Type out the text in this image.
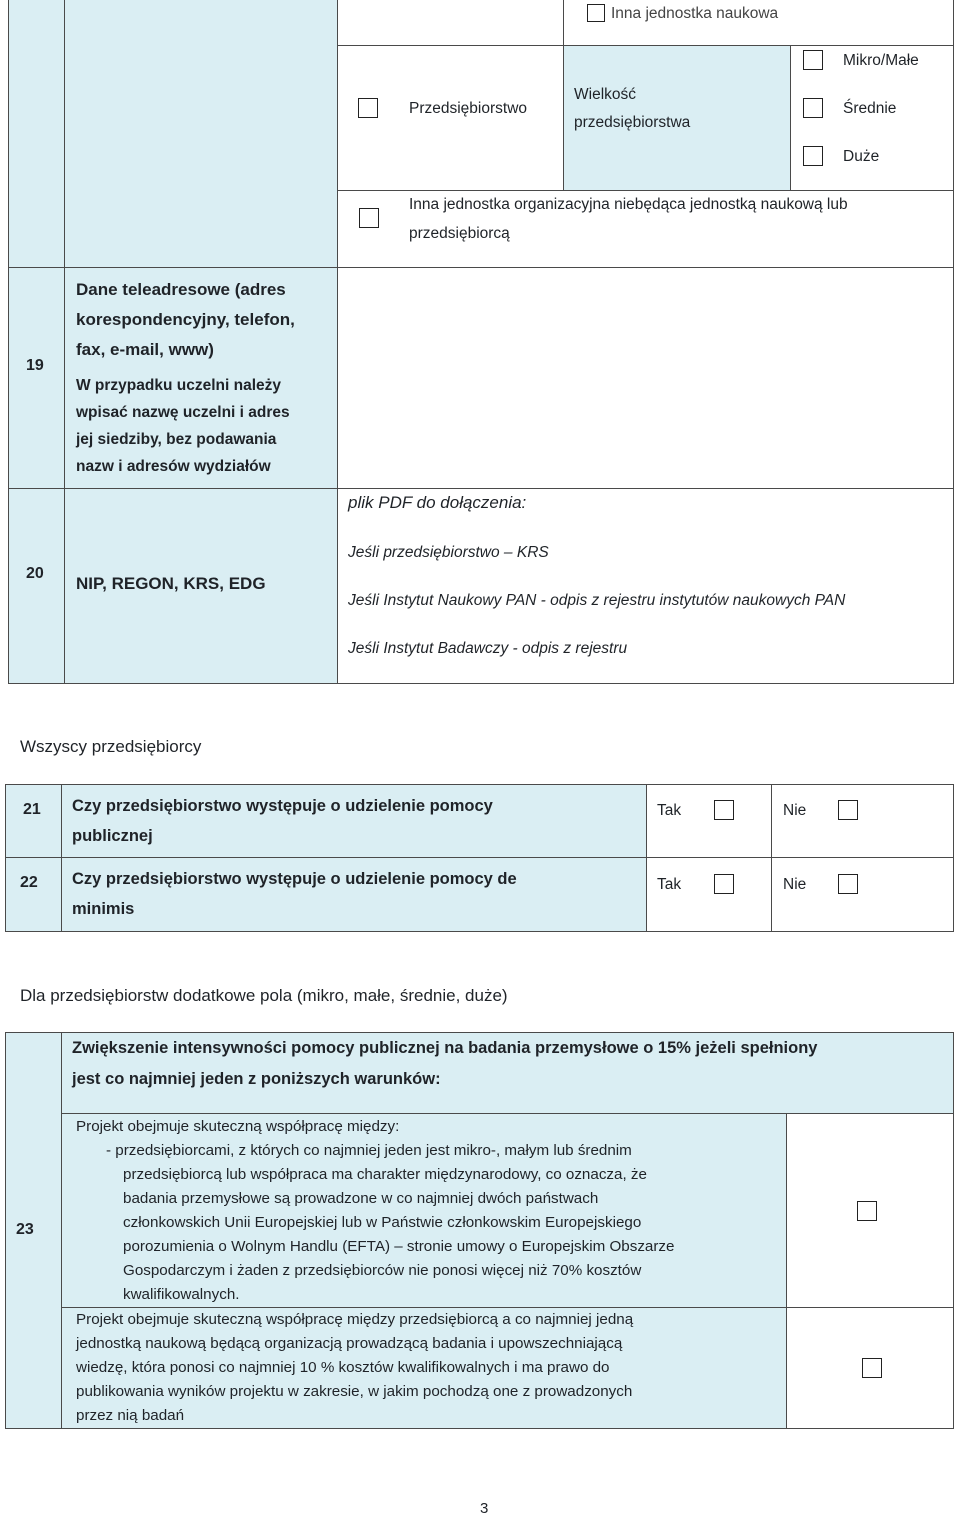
Inna jednostka naukowa
Przedsiębiorstwo
Wielkość
przedsiębiorstwa
Mikro/Małe
Średnie
Duże
Inna jednostka organizacyjna niebędąca jednostką naukową lub
przedsiębiorcą
19
Dane teleadresowe (adres
korespondencyjny, telefon,
fax, e-mail, www)
W przypadku uczelni należy
wpisać nazwę uczelni i adres
jej siedziby, bez podawania
nazw i adresów wydziałów
20
NIP, REGON, KRS, EDG
plik PDF do dołączenia:
Jeśli przedsiębiorstwo – KRS
Jeśli Instytut Naukowy PAN - odpis z rejestru instytutów naukowych PAN
Jeśli Instytut Badawczy - odpis z rejestru
Wszyscy przedsiębiorcy
21 Czy przedsiębiorstwo występuje o udzielenie pomocy
publicznej
Tak	Nie
22 Czy przedsiębiorstwo występuje o udzielenie pomocy de
minimis
Tak	Nie
Dla przedsiębiorstw dodatkowe pola (mikro, małe, średnie, duże)
23
Zwiększenie intensywności pomocy publicznej na badania przemysłowe o 15% jeżeli spełniony
jest co najmniej jeden z poniższych warunków:
Projekt obejmuje skuteczną współpracę między:
- przedsiębiorcami, z których co najmniej jeden jest mikro-, małym lub średnim
przedsiębiorcą lub współpraca ma charakter międzynarodowy, co oznacza, że
badania przemysłowe są prowadzone w co najmniej dwóch państwach
członkowskich Unii Europejskiej lub w Państwie członkowskim Europejskiego
porozumienia o Wolnym Handlu (EFTA) – stronie umowy o Europejskim Obszarze
Gospodarczym i żaden z przedsiębiorców nie ponosi więcej niż 70% kosztów
kwalifikowalnych.
Projekt obejmuje skuteczną współpracę między przedsiębiorcą a co najmniej jedną
jednostką naukową będącą organizacją prowadzącą badania i upowszechniającą
wiedzę, która ponosi co najmniej 10 % kosztów kwalifikowalnych i ma prawo do
publikowania wyników projektu w zakresie, w jakim pochodzą one z prowadzonych
przez nią badań
3
